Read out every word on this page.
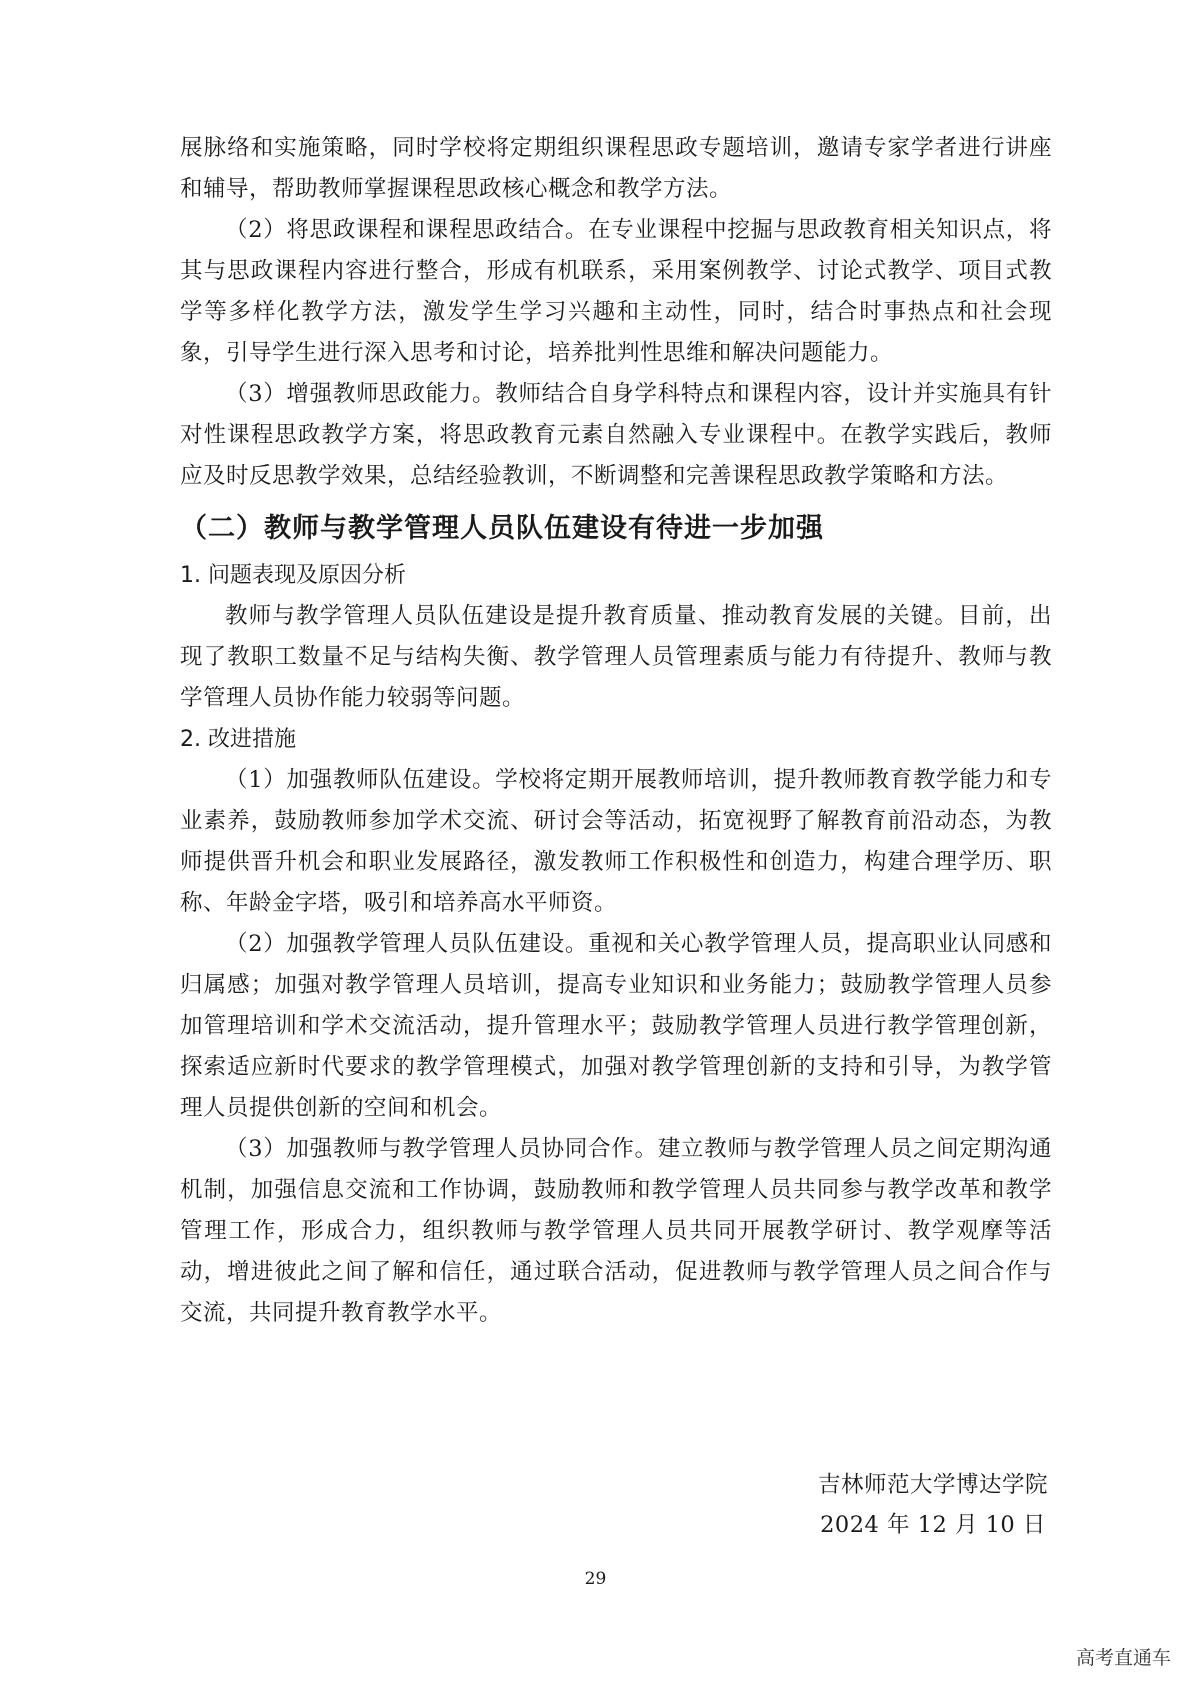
展脉络和实施策略，同时学校将定期组织课程思政专题培训，邀请专家学者进行讲座和辅导，帮助教师掌握课程思政核心概念和教学方法。

（2）将思政课程和课程思政结合。在专业课程中挖掘与思政教育相关知识点，将其与思政课程内容进行整合，形成有机联系，采用案例教学、讨论式教学、项目式教学等多样化教学方法，激发学生学习兴趣和主动性，同时，结合时事热点和社会现象，引导学生进行深入思考和讨论，培养批判性思维和解决问题能力。

（3）增强教师思政能力。教师结合自身学科特点和课程内容，设计并实施具有针对性课程思政教学方案，将思政教育元素自然融入专业课程中。在教学实践后，教师应及时反思教学效果，总结经验教训，不断调整和完善课程思政教学策略和方法。

（二）教师与教学管理人员队伍建设有待进一步加强
1. 问题表现及原因分析

教师与教学管理人员队伍建设是提升教育质量、推动教育发展的关键。目前，出现了教职工数量不足与结构失衡、教学管理人员管理素质与能力有待提升、教师与教学管理人员协作能力较弱等问题。

2. 改进措施

（1）加强教师队伍建设。学校将定期开展教师培训，提升教师教育教学能力和专业素养，鼓励教师参加学术交流、研讨会等活动，拓宽视野了解教育前沿动态，为教师提供晋升机会和职业发展路径，激发教师工作积极性和创造力，构建合理学历、职称、年龄金字塔，吸引和培养高水平师资。

（2）加强教学管理人员队伍建设。重视和关心教学管理人员，提高职业认同感和归属感；加强对教学管理人员培训，提高专业知识和业务能力；鼓励教学管理人员参加管理培训和学术交流活动，提升管理水平；鼓励教学管理人员进行教学管理创新，探索适应新时代要求的教学管理模式，加强对教学管理创新的支持和引导，为教学管理人员提供创新的空间和机会。

（3）加强教师与教学管理人员协同合作。建立教师与教学管理人员之间定期沟通机制，加强信息交流和工作协调，鼓励教师和教学管理人员共同参与教学改革和教学管理工作，形成合力，组织教师与教学管理人员共同开展教学研讨、教学观摩等活动，增进彼此之间了解和信任，通过联合活动，促进教师与教学管理人员之间合作与交流，共同提升教育教学水平。

吉林师范大学博达学院
2024 年 12 月 10 日
29
高考直通车
